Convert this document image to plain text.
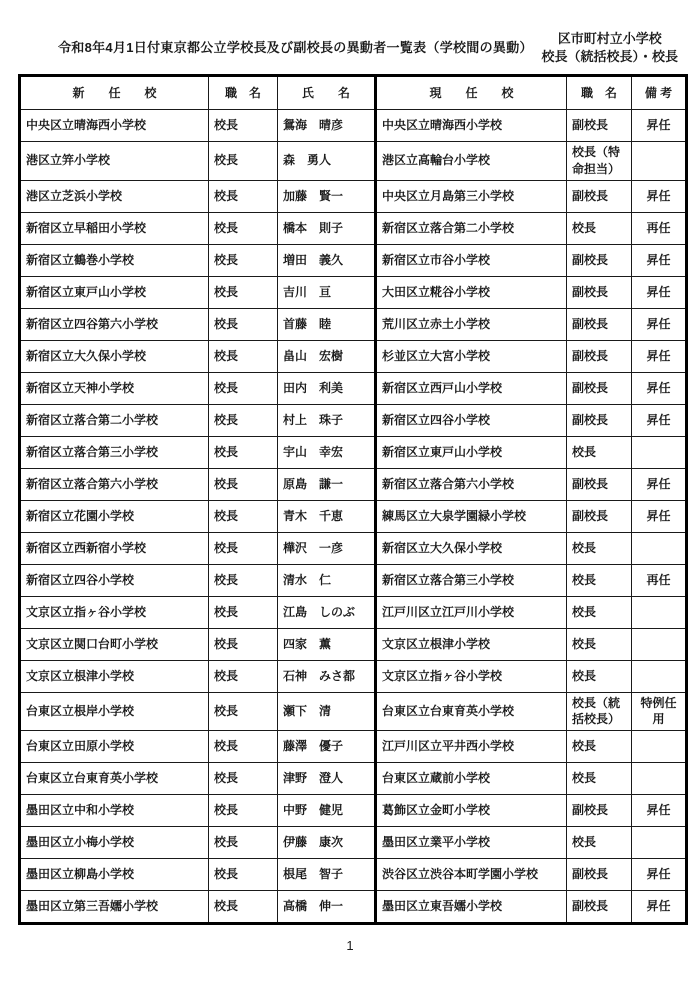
令和8年4月1日付東京都公立学校長及び副校長の異動者一覧表（学校間の異動）
区市町村立小学校
校長（統括校長）・校長
新　　任　　校	職　名	氏　　名	現　　任　　校	職　名	備 考
中央区立晴海西小学校	校長	鴛海　晴彦	中央区立晴海西小学校	副校長	昇任
港区立笄小学校	校長	森　勇人	港区立高輪台小学校	校長（特命担当）	
港区立芝浜小学校	校長	加藤　賢一	中央区立月島第三小学校	副校長	昇任
新宿区立早稲田小学校	校長	橋本　則子	新宿区立落合第二小学校	校長	再任
新宿区立鶴巻小学校	校長	増田　義久	新宿区立市谷小学校	副校長	昇任
新宿区立東戸山小学校	校長	吉川　亘	大田区立糀谷小学校	副校長	昇任
新宿区立四谷第六小学校	校長	首藤　睦	荒川区立赤土小学校	副校長	昇任
新宿区立大久保小学校	校長	畠山　宏樹	杉並区立大宮小学校	副校長	昇任
新宿区立天神小学校	校長	田内　利美	新宿区立西戸山小学校	副校長	昇任
新宿区立落合第二小学校	校長	村上　珠子	新宿区立四谷小学校	副校長	昇任
新宿区立落合第三小学校	校長	宇山　幸宏	新宿区立東戸山小学校	校長	
新宿区立落合第六小学校	校長	原島　謙一	新宿区立落合第六小学校	副校長	昇任
新宿区立花園小学校	校長	青木　千恵	練馬区立大泉学園緑小学校	副校長	昇任
新宿区立西新宿小学校	校長	樺沢　一彦	新宿区立大久保小学校	校長	
新宿区立四谷小学校	校長	清水　仁	新宿区立落合第三小学校	校長	再任
文京区立指ヶ谷小学校	校長	江島　しのぶ	江戸川区立江戸川小学校	校長	
文京区立関口台町小学校	校長	四家　薫	文京区立根津小学校	校長	
文京区立根津小学校	校長	石神　みさ都	文京区立指ヶ谷小学校	校長	
台東区立根岸小学校	校長	瀬下　清	台東区立台東育英小学校	校長（統括校長）	特例任用
台東区立田原小学校	校長	藤澤　優子	江戸川区立平井西小学校	校長	
台東区立台東育英小学校	校長	津野　澄人	台東区立蔵前小学校	校長	
墨田区立中和小学校	校長	中野　健児	葛飾区立金町小学校	副校長	昇任
墨田区立小梅小学校	校長	伊藤　康次	墨田区立業平小学校	校長	
墨田区立柳島小学校	校長	根尾　智子	渋谷区立渋谷本町学園小学校	副校長	昇任
墨田区立第三吾嬬小学校	校長	高橋　伸一	墨田区立東吾嬬小学校	副校長	昇任
1
